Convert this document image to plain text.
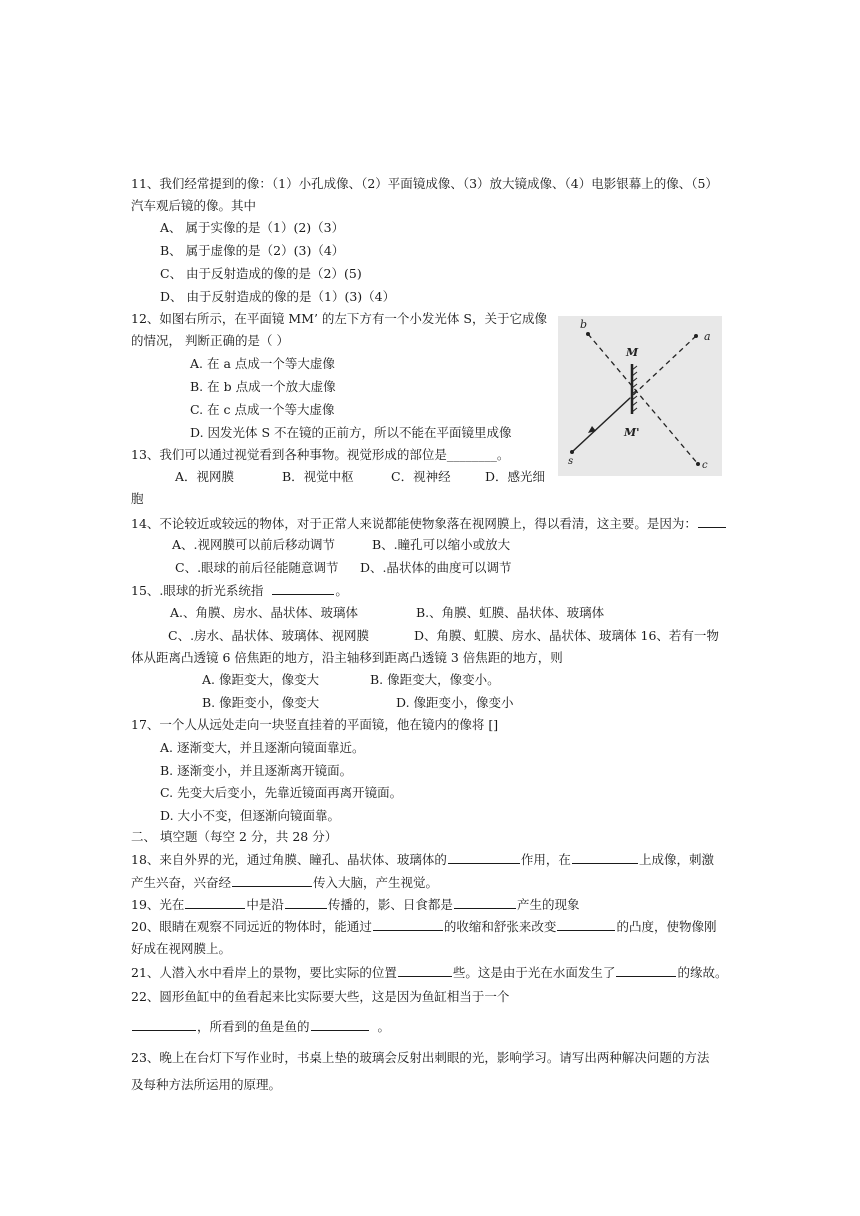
11、我们经常提到的像：（1）小孔成像、（2）平面镜成像、（3）放大镜成像、（4）电影银幕上的像、（5）
汽车观后镜的像。其中
A、 属于实像的是（1）(2)（3）
B、 属于虚像的是（2）(3)（4）
C、 由于反射造成的像的是（2）(5)
D、 由于反射造成的像的是（1）(3)（4）
12、如图右所示，在平面镜 MM’ 的左下方有一个小发光体 S，关于它成像
的情况， 判断正确的是（ ）
A. 在 a 点成一个等大虚像
B. 在 b 点成一个放大虚像
C. 在 c 点成一个等大虚像
D. 因发光体 S 不在镜的正前方，所以不能在平面镜里成像
b
a
M
M'
s	c
13、我们可以通过视觉看到各种事物。视觉形成的部位是________。
A．视网膜	B．视觉中枢	C．视神经	D．感光细
胞
14、不论较近或较远的物体，对于正常人来说都能使物象落在视网膜上，得以看清，这主要。是因为：
A、.视网膜可以前后移动调节	B、.瞳孔可以缩小或放大
C、.眼球的前后径能随意调节 D、.晶状体的曲度可以调节
15、.眼球的折光系统指	。
A.、角膜、房水、晶状体、玻璃体	B.、角膜、虹膜、晶状体、玻璃体
C、.房水、晶状体、玻璃体、视网膜	D、角膜、虹膜、房水、晶状体、玻璃体 16、若有一物
体从距离凸透镜 6 倍焦距的地方，沿主轴移到距离凸透镜 3 倍焦距的地方，则
A. 像距变大，像变大	B. 像距变大，像变小。
B. 像距变小，像变大	D. 像距变小，像变小
17、一个人从远处走向一块竖直挂着的平面镜，他在镜内的像将 []
A. 逐渐变大，并且逐渐向镜面靠近。
B. 逐渐变小，并且逐渐离开镜面。
C. 先变大后变小，先靠近镜面再离开镜面。
D. 大小不变，但逐渐向镜面靠。
二、 填空题（每空 2 分，共 28 分）
18、来自外界的光，通过角膜、瞳孔、晶状体、玻璃体的	作用，在	上成像，刺激
产生兴奋，兴奋经	传入大脑，产生视觉。
19、光在	中是沿	传播的，影、日食都是	产生的现象
20、眼睛在观察不同远近的物体时，能通过	的收缩和舒张来改变	的凸度，使物像刚
好成在视网膜上。
21、人潜入水中看岸上的景物，要比实际的位置	些。这是由于光在水面发生了	的缘故。
22、圆形鱼缸中的鱼看起来比实际要大些，这是因为鱼缸相当于一个
，所看到的鱼是鱼的	。
23、晚上在台灯下写作业时，书桌上垫的玻璃会反射出刺眼的光，影响学习。请写出两种解决问题的方法
及每种方法所运用的原理。
